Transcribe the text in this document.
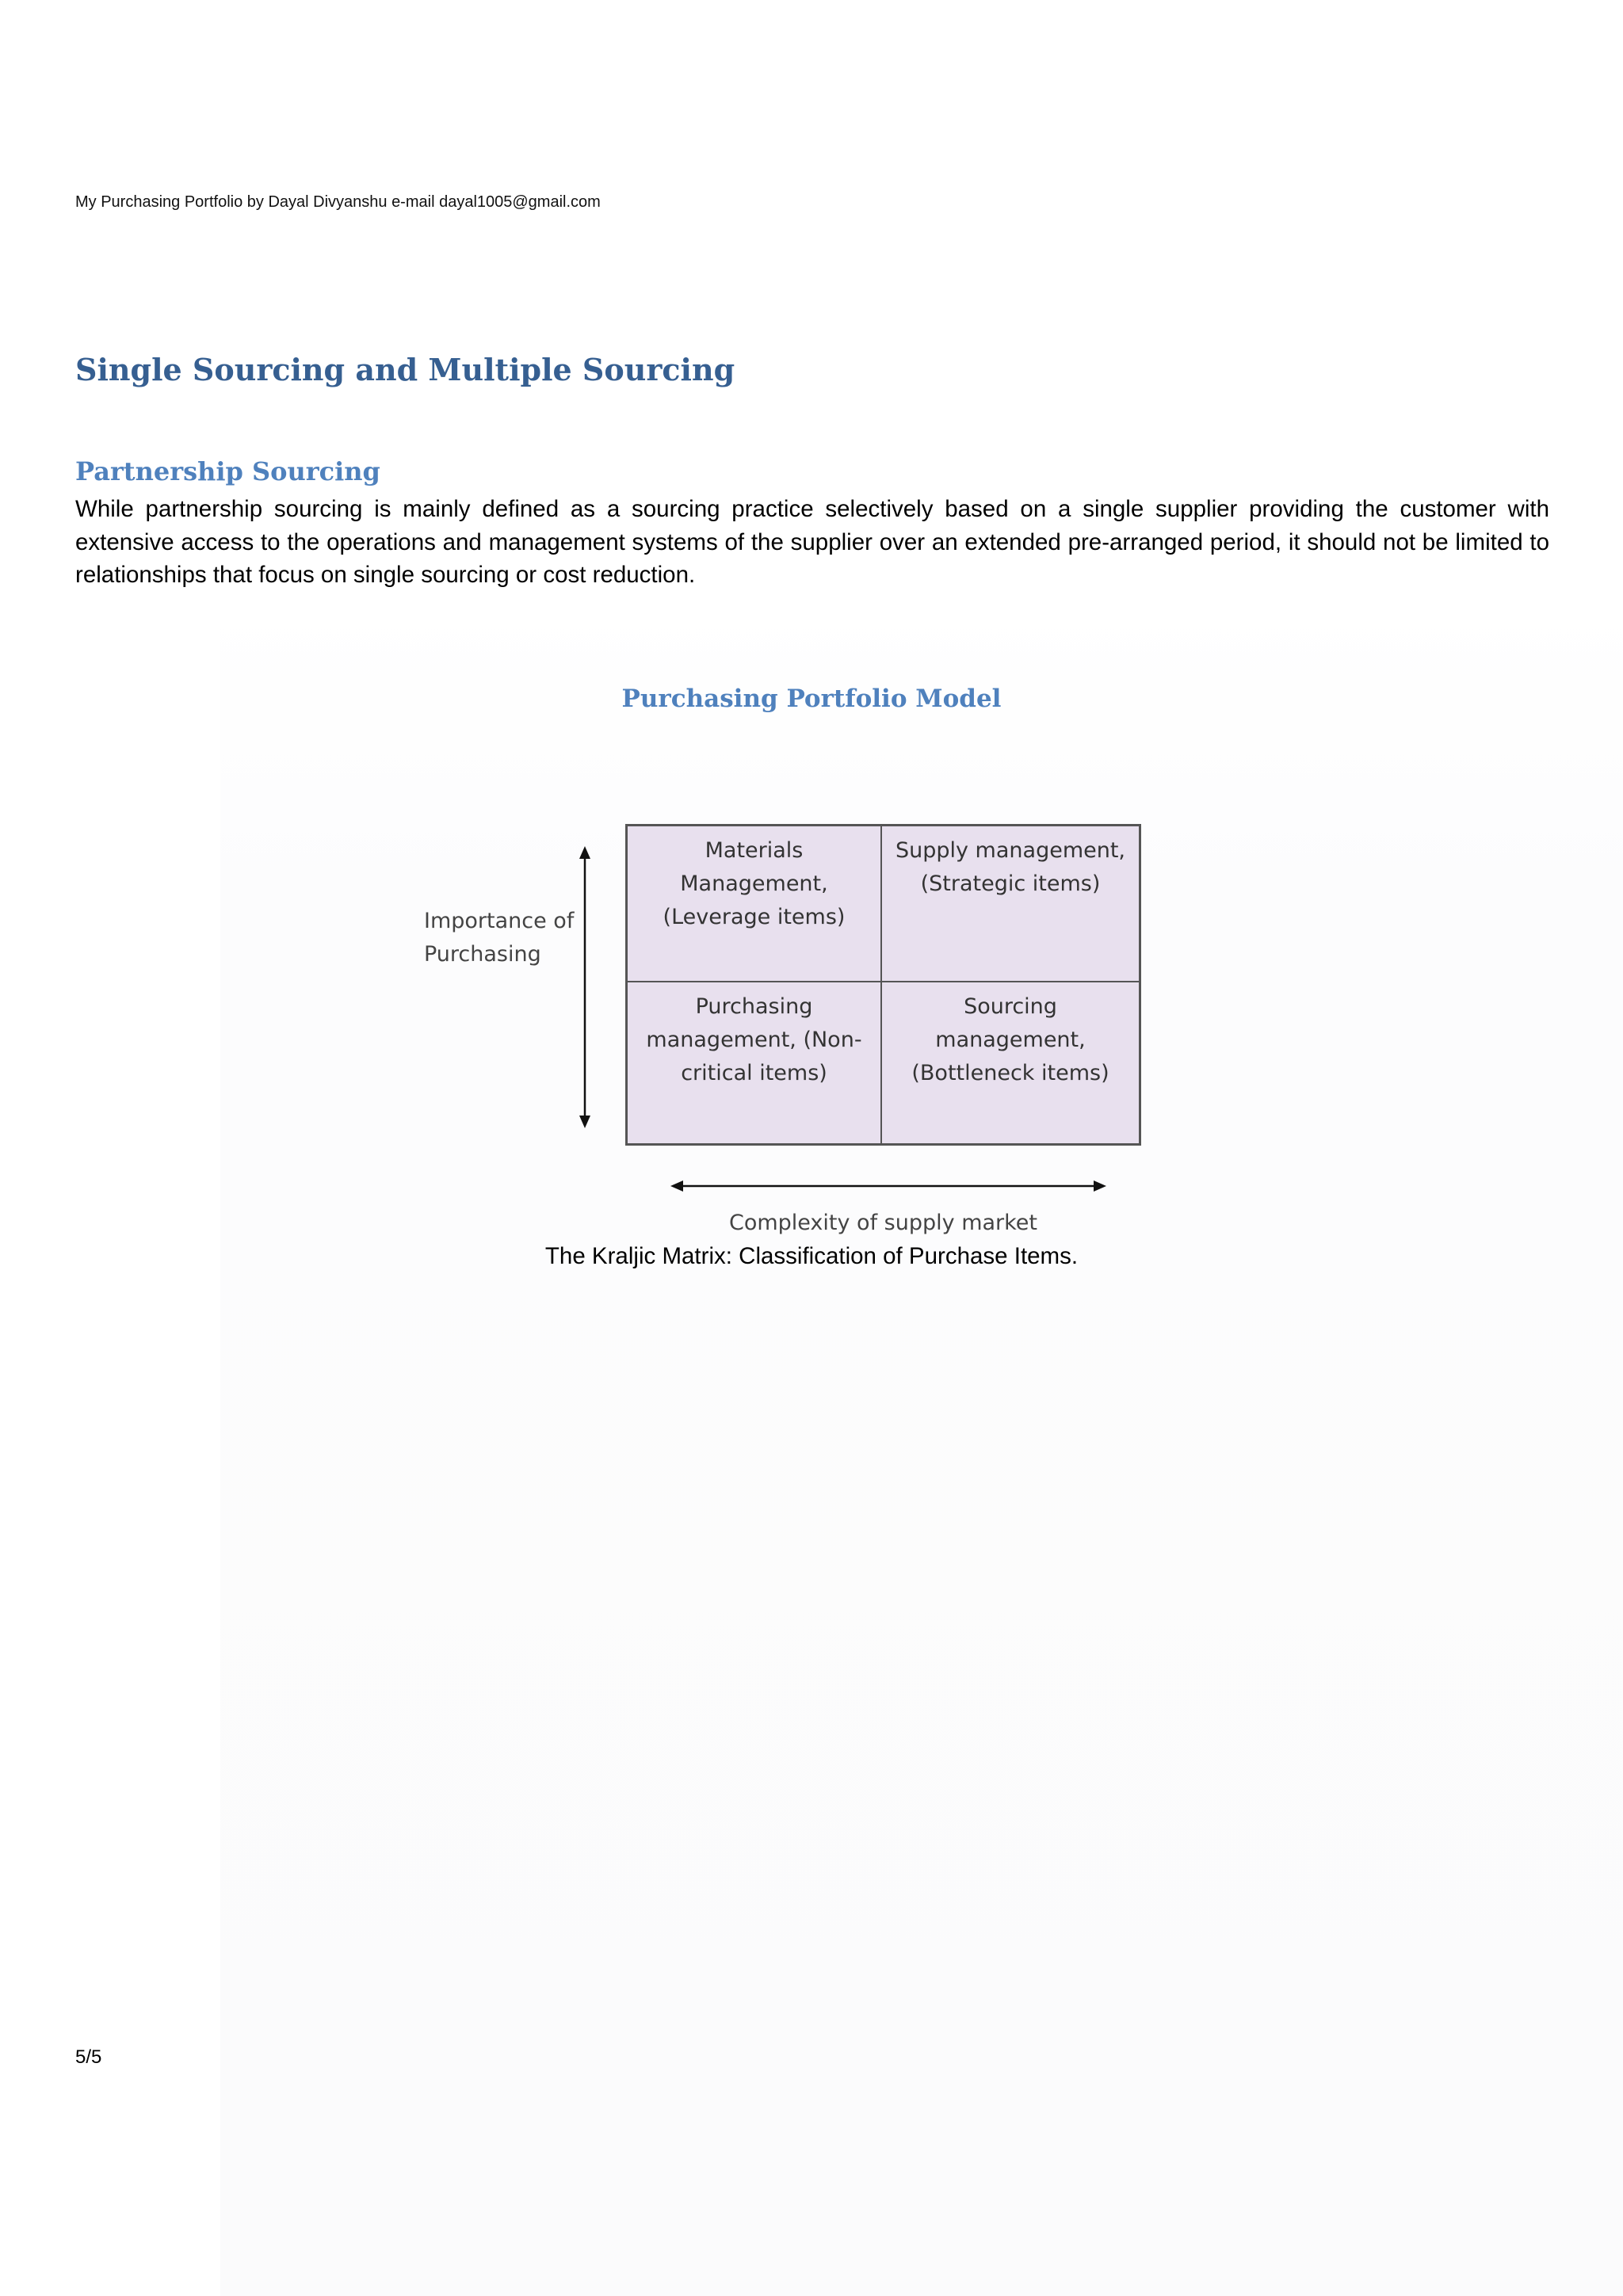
My Purchasing Portfolio by Dayal Divyanshu e-mail dayal1005@gmail.com
Single Sourcing and Multiple Sourcing
Partnership Sourcing

While partnership sourcing is mainly defined as a sourcing practice selectively based on a single supplier providing the customer with extensive access to the operations and management systems of the supplier over an extended pre-arranged period, it should not be limited to relationships that focus on single sourcing or cost reduction.

Purchasing Portfolio Model
Importance of Purchasing
Materials Management, (Leverage items)
Supply management, (Strategic items)
Purchasing management, (Non-critical items)
Sourcing management, (Bottleneck items)
Complexity of supply market
The Kraljic Matrix: Classification of Purchase Items.
5/5
